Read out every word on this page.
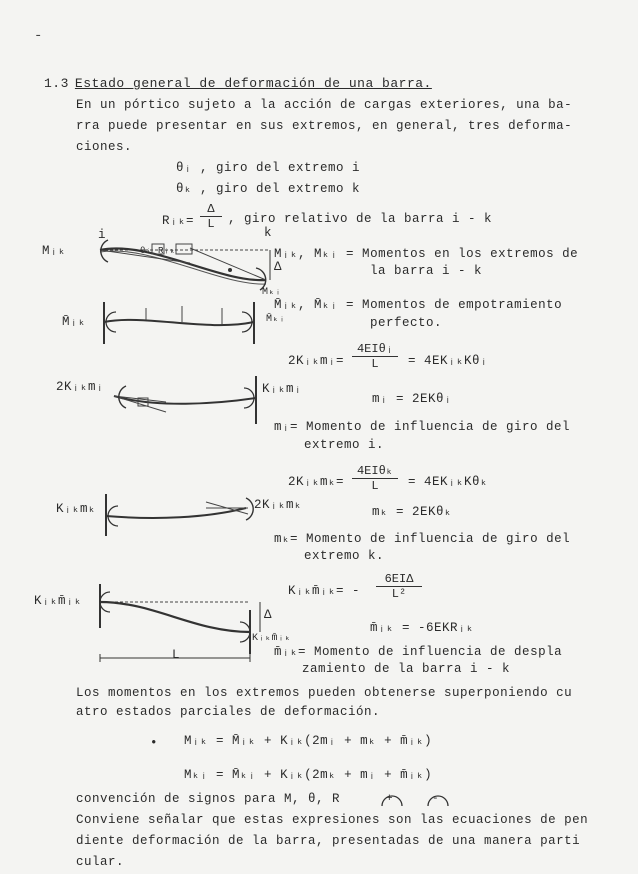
-
1.3 Estado general de deformación de una barra.
En un pórtico sujeto a la acción de cargas exteriores, una ba-
rra puede presentar en sus extremos, en general, tres deforma-
ciones.
θᵢ , giro del extremo i
θₖ , giro del extremo k
Rᵢₖ= $\frac{\Delta}{L}$ , giro relativo de la barra i - k
Mᵢₖ
i	k
θᵢ Rᵢₖ
Δ
Mₖᵢ
Mᵢₖ, Mₖᵢ = Momentos en los extremos de
la barra i - k
M̄ᵢₖ	M̄ₖᵢ
M̄ᵢₖ, M̄ₖᵢ = Momentos de empotramiento
perfecto.
2Kᵢₖmᵢ=
4EIθᵢ
L	= 4EKᵢₖKθᵢ
2Kᵢₖmᵢ	Kᵢₖmᵢ
mᵢ = 2EKθᵢ
mᵢ= Momento de influencia de giro del
extremo i.
2Kᵢₖmₖ=
4EIθₖ
L	= 4EKᵢₖKθₖ
Kᵢₖmₖ	2Kᵢₖmₖ	mₖ = 2EKθₖ
mₖ= Momento de influencia de giro del
extremo k.
Kᵢₖm̄ᵢₖ= -
6EIΔ
L²
Kᵢₖm̄ᵢₖ
Kᵢₖm̄ᵢₖ
Δ
L
m̄ᵢₖ = -6EKRᵢₖ
m̄ᵢₖ= Momento de influencia de despla
zamiento de la barra i - k
Los momentos en los extremos pueden obtenerse superponiendo cu
atro estados parciales de deformación.
• Mᵢₖ = M̄ᵢₖ + Kᵢₖ(2mᵢ + mₖ + m̄ᵢₖ)
Mₖᵢ = M̄ₖᵢ + Kᵢₖ(2mₖ + mᵢ + m̄ᵢₖ)
convención de signos para M, θ, R	+	-
Conviene señalar que estas expresiones son las ecuaciones de pen
diente deformación de la barra, presentadas de una manera parti
cular.
